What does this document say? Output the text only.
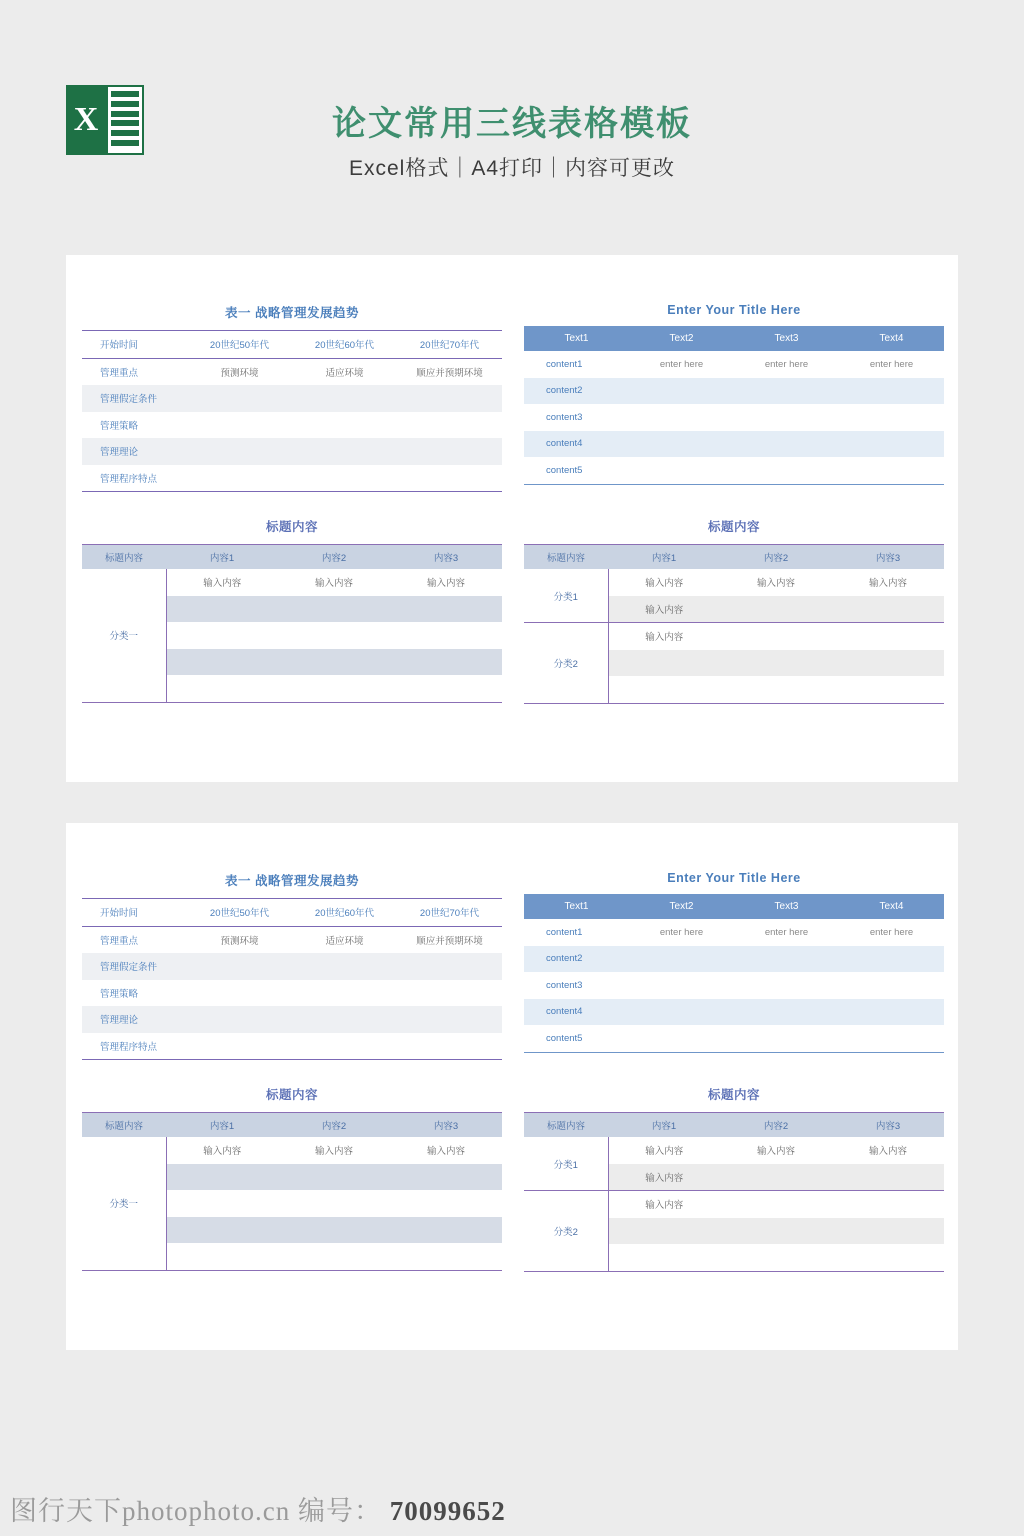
X	论文常用三线表格模板
Excel格式｜A4打印｜内容可更改
表一 战略管理发展趋势
开始时间	20世纪50年代	20世纪60年代	20世纪70年代
管理重点	预测环境	适应环境	顺应并预期环境
管理假定条件			
管理策略			
管理理论			
管理程序特点			
Enter Your Title Here
Text1	Text2	Text3	Text4
content1	enter here	enter here	enter here
content2			
content3			
content4			
content5			
标题内容
标题内容	内容1	内容2	内容3
分类一	输入内容	输入内容	输入内容

标题内容
标题内容	内容1	内容2	内容3
分类1	输入内容	输入内容	输入内容
	输入内容		
分类2	输入内容		

表一 战略管理发展趋势
开始时间	20世纪50年代	20世纪60年代	20世纪70年代
管理重点	预测环境	适应环境	顺应并预期环境
管理假定条件			
管理策略			
管理理论			
管理程序特点			
Enter Your Title Here
Text1	Text2	Text3	Text4
content1	enter here	enter here	enter here
content2			
content3			
content4			
content5			
标题内容
标题内容	内容1	内容2	内容3
分类一	输入内容	输入内容	输入内容

标题内容
标题内容	内容1	内容2	内容3
分类1	输入内容	输入内容	输入内容
	输入内容		
分类2	输入内容		

图行天下photophoto.cn 编号： 70099652
